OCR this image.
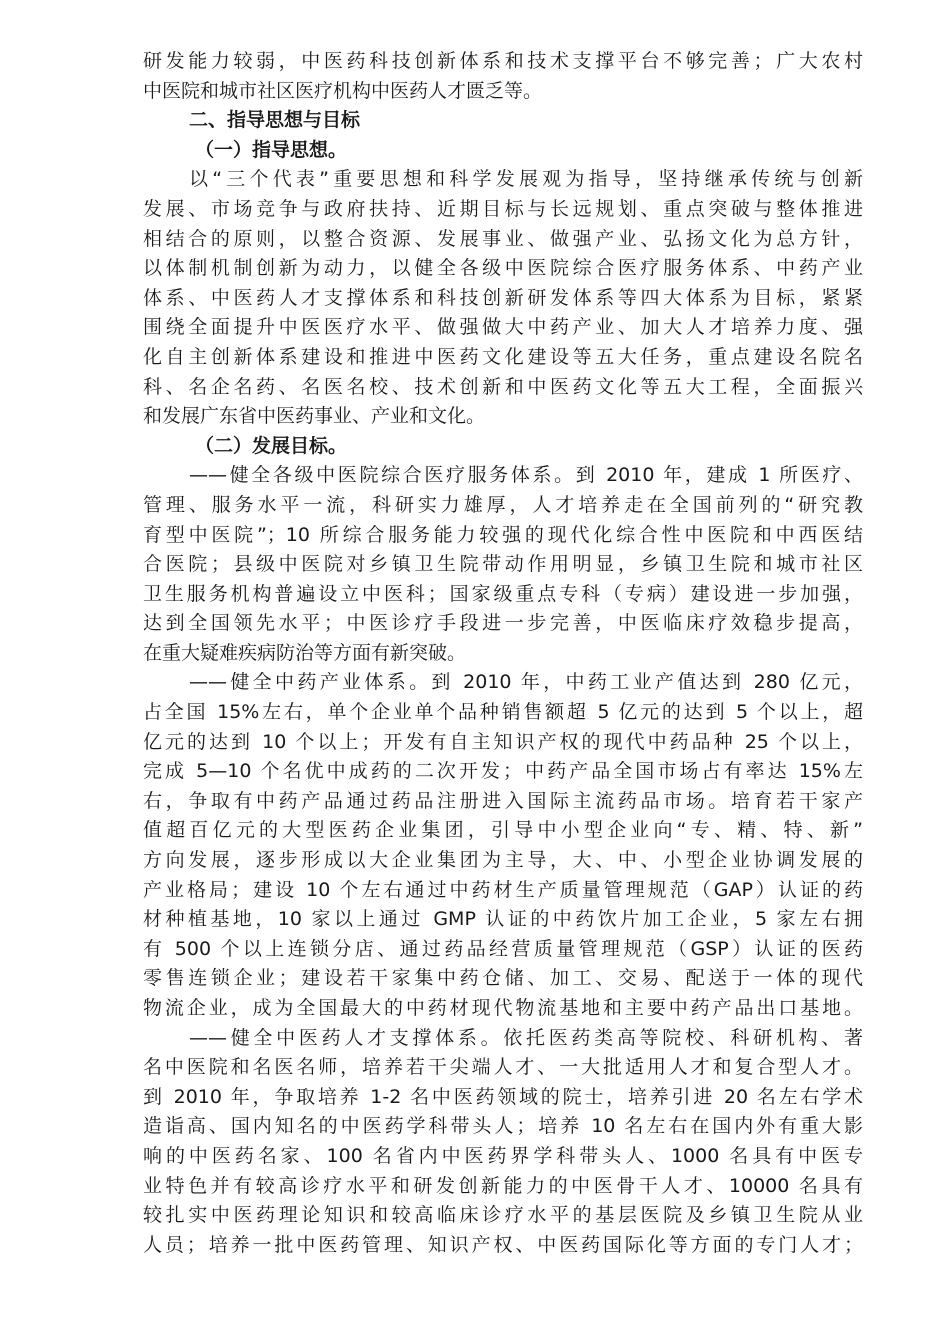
研发能力较弱，中医药科技创新体系和技术支撑平台不够完善；广大农村
中医院和城市社区医疗机构中医药人才匮乏等。
二、指导思想与目标
（一）指导思想。
以“三个代表”重要思想和科学发展观为指导，坚持继承传统与创新
发展、市场竞争与政府扶持、近期目标与长远规划、重点突破与整体推进
相结合的原则，以整合资源、发展事业、做强产业、弘扬文化为总方针，
以体制机制创新为动力，以健全各级中医院综合医疗服务体系、中药产业
体系、中医药人才支撑体系和科技创新研发体系等四大体系为目标，紧紧
围绕全面提升中医医疗水平、做强做大中药产业、加大人才培养力度、强
化自主创新体系建设和推进中医药文化建设等五大任务，重点建设名院名
科、名企名药、名医名校、技术创新和中医药文化等五大工程，全面振兴
和发展广东省中医药事业、产业和文化。
（二）发展目标。
——健全各级中医院综合医疗服务体系。到 2010 年，建成 1 所医疗、
管理、服务水平一流，科研实力雄厚，人才培养走在全国前列的“研究教
育型中医院”；10 所综合服务能力较强的现代化综合性中医院和中西医结
合医院；县级中医院对乡镇卫生院带动作用明显，乡镇卫生院和城市社区
卫生服务机构普遍设立中医科；国家级重点专科（专病）建设进一步加强，
达到全国领先水平；中医诊疗手段进一步完善，中医临床疗效稳步提高，
在重大疑难疾病防治等方面有新突破。
——健全中药产业体系。到 2010 年，中药工业产值达到 280 亿元，
占全国 15%左右，单个企业单个品种销售额超 5 亿元的达到 5 个以上，超
亿元的达到 10 个以上；开发有自主知识产权的现代中药品种 25 个以上，
完成 5—10 个名优中成药的二次开发；中药产品全国市场占有率达 15%左
右，争取有中药产品通过药品注册进入国际主流药品市场。培育若干家产
值超百亿元的大型医药企业集团，引导中小型企业向“专、精、特、新”
方向发展，逐步形成以大企业集团为主导，大、中、小型企业协调发展的
产业格局；建设 10 个左右通过中药材生产质量管理规范（GAP）认证的药
材种植基地，10 家以上通过 GMP 认证的中药饮片加工企业，5 家左右拥
有 500 个以上连锁分店、通过药品经营质量管理规范（GSP）认证的医药
零售连锁企业；建设若干家集中药仓储、加工、交易、配送于一体的现代
物流企业，成为全国最大的中药材现代物流基地和主要中药产品出口基地。
——健全中医药人才支撑体系。依托医药类高等院校、科研机构、著
名中医院和名医名师，培养若干尖端人才、一大批适用人才和复合型人才。
到 2010 年，争取培养 1-2 名中医药领域的院士，培养引进 20 名左右学术
造诣高、国内知名的中医药学科带头人；培养 10 名左右在国内外有重大影
响的中医药名家、100 名省内中医药界学科带头人、1000 名具有中医专
业特色并有较高诊疗水平和研发创新能力的中医骨干人才、10000 名具有
较扎实中医药理论知识和较高临床诊疗水平的基层医院及乡镇卫生院从业
人员；培养一批中医药管理、知识产权、中医药国际化等方面的专门人才；
